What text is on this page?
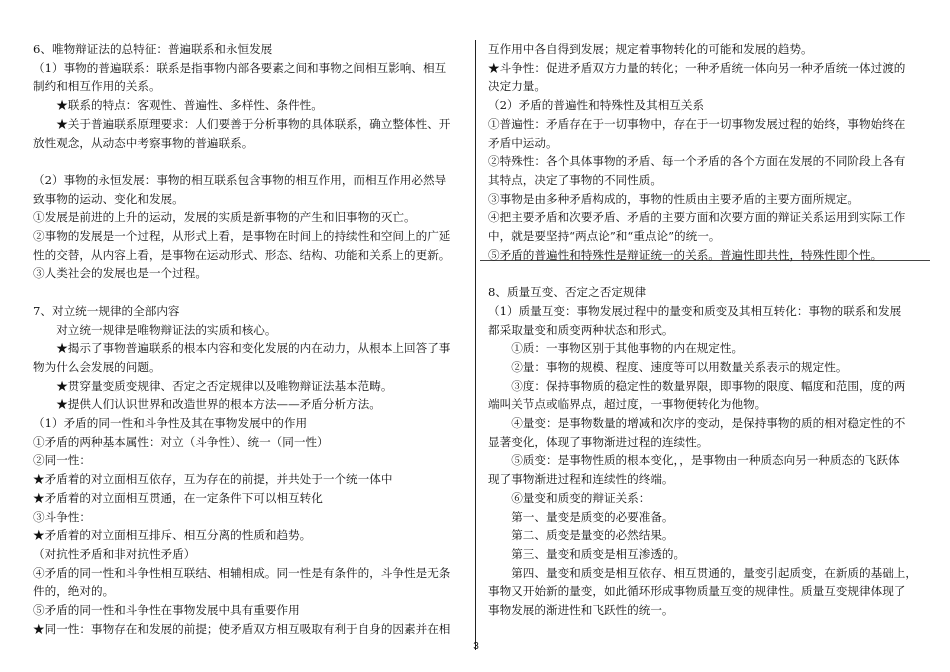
6、唯物辩证法的总特征：普遍联系和永恒发展
（1）事物的普遍联系：联系是指事物内部各要素之间和事物之间相互影响、相互
制约和相互作用的关系。
★联系的特点：客观性、普遍性、多样性、条件性。
★关于普遍联系原理要求：人们要善于分析事物的具体联系，确立整体性、开
放性观念，从动态中考察事物的普遍联系。
（2）事物的永恒发展：事物的相互联系包含事物的相互作用，而相互作用必然导
致事物的运动、变化和发展。
①发展是前进的上升的运动，发展的实质是新事物的产生和旧事物的灭亡。
②事物的发展是一个过程，从形式上看，是事物在时间上的持续性和空间上的广延
性的交替，从内容上看，是事物在运动形式、形态、结构、功能和关系上的更新。
③人类社会的发展也是一个过程。
7、对立统一规律的全部内容
对立统一规律是唯物辩证法的实质和核心。
★揭示了事物普遍联系的根本内容和变化发展的内在动力，从根本上回答了事
物为什么会发展的问题。
★贯穿量变质变规律、否定之否定规律以及唯物辩证法基本范畴。
★提供人们认识世界和改造世界的根本方法——矛盾分析方法。
（1）矛盾的同一性和斗争性及其在事物发展中的作用
①矛盾的两种基本属性：对立（斗争性）、统一（同一性）
②同一性：
★矛盾着的对立面相互依存，互为存在的前提，并共处于一个统一体中
★矛盾着的对立面相互贯通，在一定条件下可以相互转化
③斗争性：
★矛盾着的对立面相互排斥、相互分离的性质和趋势。
（对抗性矛盾和非对抗性矛盾）
④矛盾的同一性和斗争性相互联结、相辅相成。同一性是有条件的，斗争性是无条
件的，绝对的。
⑤矛盾的同一性和斗争性在事物发展中具有重要作用
★同一性：事物存在和发展的前提；使矛盾双方相互吸取有利于自身的因素并在相
互作用中各自得到发展；规定着事物转化的可能和发展的趋势。
★斗争性：促进矛盾双方力量的转化；一种矛盾统一体向另一种矛盾统一体过渡的
决定力量。
（2）矛盾的普遍性和特殊性及其相互关系
①普遍性：矛盾存在于一切事物中，存在于一切事物发展过程的始终，事物始终在
矛盾中运动。
②特殊性：各个具体事物的矛盾、每一个矛盾的各个方面在发展的不同阶段上各有
其特点，决定了事物的不同性质。
③事物是由多种矛盾构成的，事物的性质由主要矛盾的主要方面所规定。
④把主要矛盾和次要矛盾、矛盾的主要方面和次要方面的辩证关系运用到实际工作
中，就是要坚持“两点论”和“重点论”的统一。
⑤矛盾的普遍性和特殊性是辩证统一的关系。普遍性即共性，特殊性即个性。
8、质量互变、否定之否定规律
（1）质量互变：事物发展过程中的量变和质变及其相互转化：事物的联系和发展
都采取量变和质变两种状态和形式。
①质：一事物区别于其他事物的内在规定性。
②量：事物的规模、程度、速度等可以用数量关系表示的规定性。
③度：保持事物质的稳定性的数量界限，即事物的限度、幅度和范围，度的两
端叫关节点或临界点，超过度，一事物便转化为他物。
④量变：是事物数量的增减和次序的变动，是保持事物的质的相对稳定性的不
显著变化，体现了事物渐进过程的连续性。
⑤质变：是事物性质的根本变化，，是事物由一种质态向另一种质态的飞跃体
现了事物渐进过程和连续性的终端。
⑥量变和质变的辩证关系：
第一、量变是质变的必要准备。
第二、质变是量变的必然结果。
第三、量变和质变是相互渗透的。
第四、量变和质变是相互依存、相互贯通的，量变引起质变，在新质的基础上，
事物又开始新的量变，如此循环形成事物质量互变的规律性。质量互变规律体现了
事物发展的渐进性和飞跃性的统一。
3
